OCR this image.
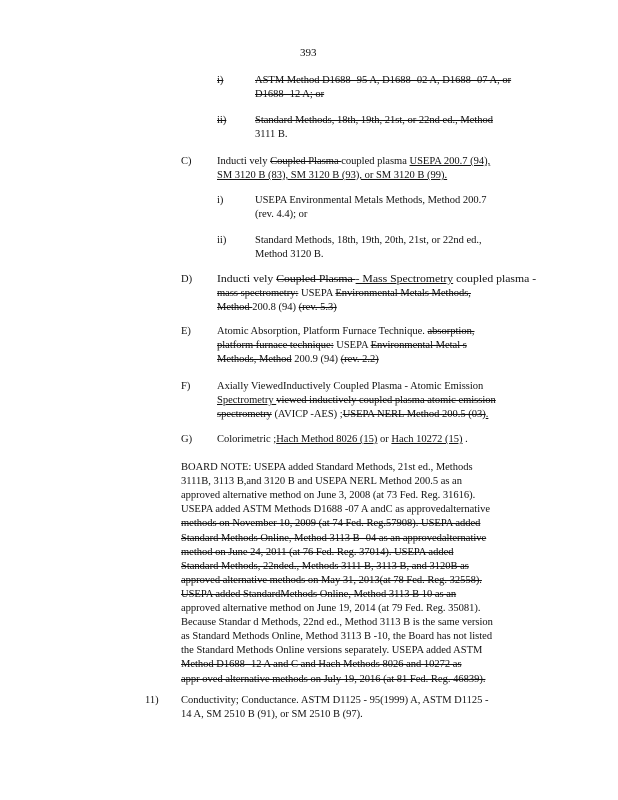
393
i)	ASTM Method D1688 -95 A, D1688 -02 A, D1688 -07 A, or
D1688 -12 A; or
ii)	Standard Methods, 18th, 19th, 21st, or 22nd ed., Method
3111 B.
C) Inducti vely Coupled Plasma coupled plasma USEPA 200.7 (94),
SM 3120 B (83), SM 3120 B (93), or SM 3120 B (99).
i)	USEPA Environmental Metals Methods, Method 200.7
(rev. 4.4); or
ii)	Standard Methods, 18th, 19th, 20th, 21st, or 22nd ed.,
Method 3120 B.
D) Inducti vely Coupled Plasma - Mass Spectrometry coupled plasma -
mass spectrometry: USEPA Environmental Metals Methods,
Method 200.8 (94) (rev. 5.3)
E) Atomic Absorption, Platform Furnace Technique. absorption,
platform furnace technique: USEPA Environmental Metal s
Methods, Method 200.9 (94) (rev. 2.2)
F)	Axially ViewedInductively Coupled Plasma - Atomic Emission
Spectrometry viewed inductively coupled plasma atomic emission
spectrometry (AVICP -AES) ;USEPA NERL Method 200.5 (03).
G) Colorimetric ;Hach Method 8026 (15) or Hach 10272 (15) .
BOARD NOTE: USEPA added Standard Methods, 21st ed., Methods
3111B, 3113 B,and 3120 B and USEPA NERL Method 200.5 as an
approved alternative method on June 3, 2008 (at 73 Fed. Reg. 31616).
USEPA added ASTM Methods D1688 -07 A andC as approvedalternative
methods on November 10, 2009 (at 74 Fed. Reg.57908). USEPA added
Standard Methods Online, Method 3113 B -04 as an approvedalternative
method on June 24, 2011 (at 76 Fed. Reg. 37014). USEPA added
Standard Methods, 22nded., Methods 3111 B, 3113 B, and 3120B as
approved alternative methods on May 31, 2013(at 78 Fed. Reg. 32558).
USEPA added StandardMethods Online, Method 3113 B 10 as an
approved alternative method on June 19, 2014 (at 79 Fed. Reg. 35081).
Because Standar d Methods, 22nd ed., Method 3113 B is the same version
as Standard Methods Online, Method 3113 B -10, the Board has not listed
the Standard Methods Online versions separately. USEPA added ASTM
Method D1688 -12 A and C and Hach Methods 8026 and 10272 as
appr oved alternative methods on July 19, 2016 (at 81 Fed. Reg. 46839).
11) Conductivity; Conductance. ASTM D1125 - 95(1999) A, ASTM D1125 -
14 A, SM 2510 B (91), or SM 2510 B (97).
